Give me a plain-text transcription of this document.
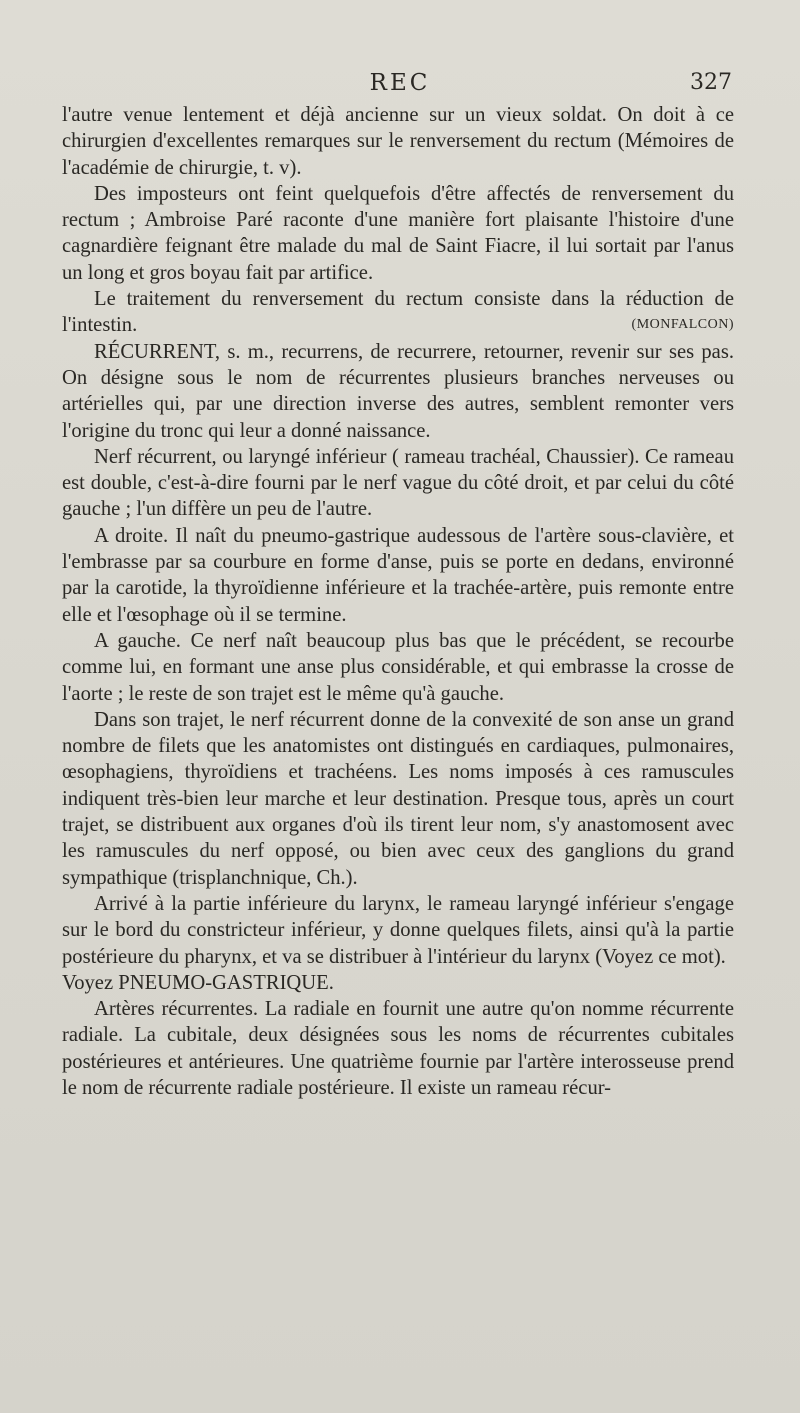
REC	327

l'autre venue lentement et déjà ancienne sur un vieux soldat. On doit à ce chirurgien d'excellentes remarques sur le renversement du rectum (Mémoires de l'académie de chirurgie, t. v).

Des imposteurs ont feint quelquefois d'être affectés de renversement du rectum ; Ambroise Paré raconte d'une manière fort plaisante l'histoire d'une cagnardière feignant être malade du mal de Saint Fiacre, il lui sortait par l'anus un long et gros boyau fait par artifice.

Le traitement du renversement du rectum consiste dans la réduction de l'intestin.	(MONFALCON)

RÉCURRENT, s. m., recurrens, de recurrere, retourner, revenir sur ses pas. On désigne sous le nom de récurrentes plusieurs branches nerveuses ou artérielles qui, par une direction inverse des autres, semblent remonter vers l'origine du tronc qui leur a donné naissance.

Nerf récurrent, ou laryngé inférieur ( rameau trachéal, Chaussier). Ce rameau est double, c'est-à-dire fourni par le nerf vague du côté droit, et par celui du côté gauche ; l'un diffère un peu de l'autre.

A droite. Il naît du pneumo-gastrique audessous de l'artère sous-clavière, et l'embrasse par sa courbure en forme d'anse, puis se porte en dedans, environné par la carotide, la thyroïdienne inférieure et la trachée-artère, puis remonte entre elle et l'œsophage où il se termine.

A gauche. Ce nerf naît beaucoup plus bas que le précédent, se recourbe comme lui, en formant une anse plus considérable, et qui embrasse la crosse de l'aorte ; le reste de son trajet est le même qu'à gauche.

Dans son trajet, le nerf récurrent donne de la convexité de son anse un grand nombre de filets que les anatomistes ont distingués en cardiaques, pulmonaires, œsophagiens, thyroïdiens et trachéens. Les noms imposés à ces ramuscules indiquent très-bien leur marche et leur destination. Presque tous, après un court trajet, se distribuent aux organes d'où ils tirent leur nom, s'y anastomosent avec les ramuscules du nerf opposé, ou bien avec ceux des ganglions du grand sympathique (trisplanchnique, Ch.).

Arrivé à la partie inférieure du larynx, le rameau laryngé inférieur s'engage sur le bord du constricteur inférieur, y donne quelques filets, ainsi qu'à la partie postérieure du pharynx, et va se distribuer à l'intérieur du larynx (Voyez ce mot).

Voyez PNEUMO-GASTRIQUE.

Artères récurrentes. La radiale en fournit une autre qu'on nomme récurrente radiale. La cubitale, deux désignées sous les noms de récurrentes cubitales postérieures et antérieures. Une quatrième fournie par l'artère interosseuse prend le nom de récurrente radiale postérieure. Il existe un rameau récur-
